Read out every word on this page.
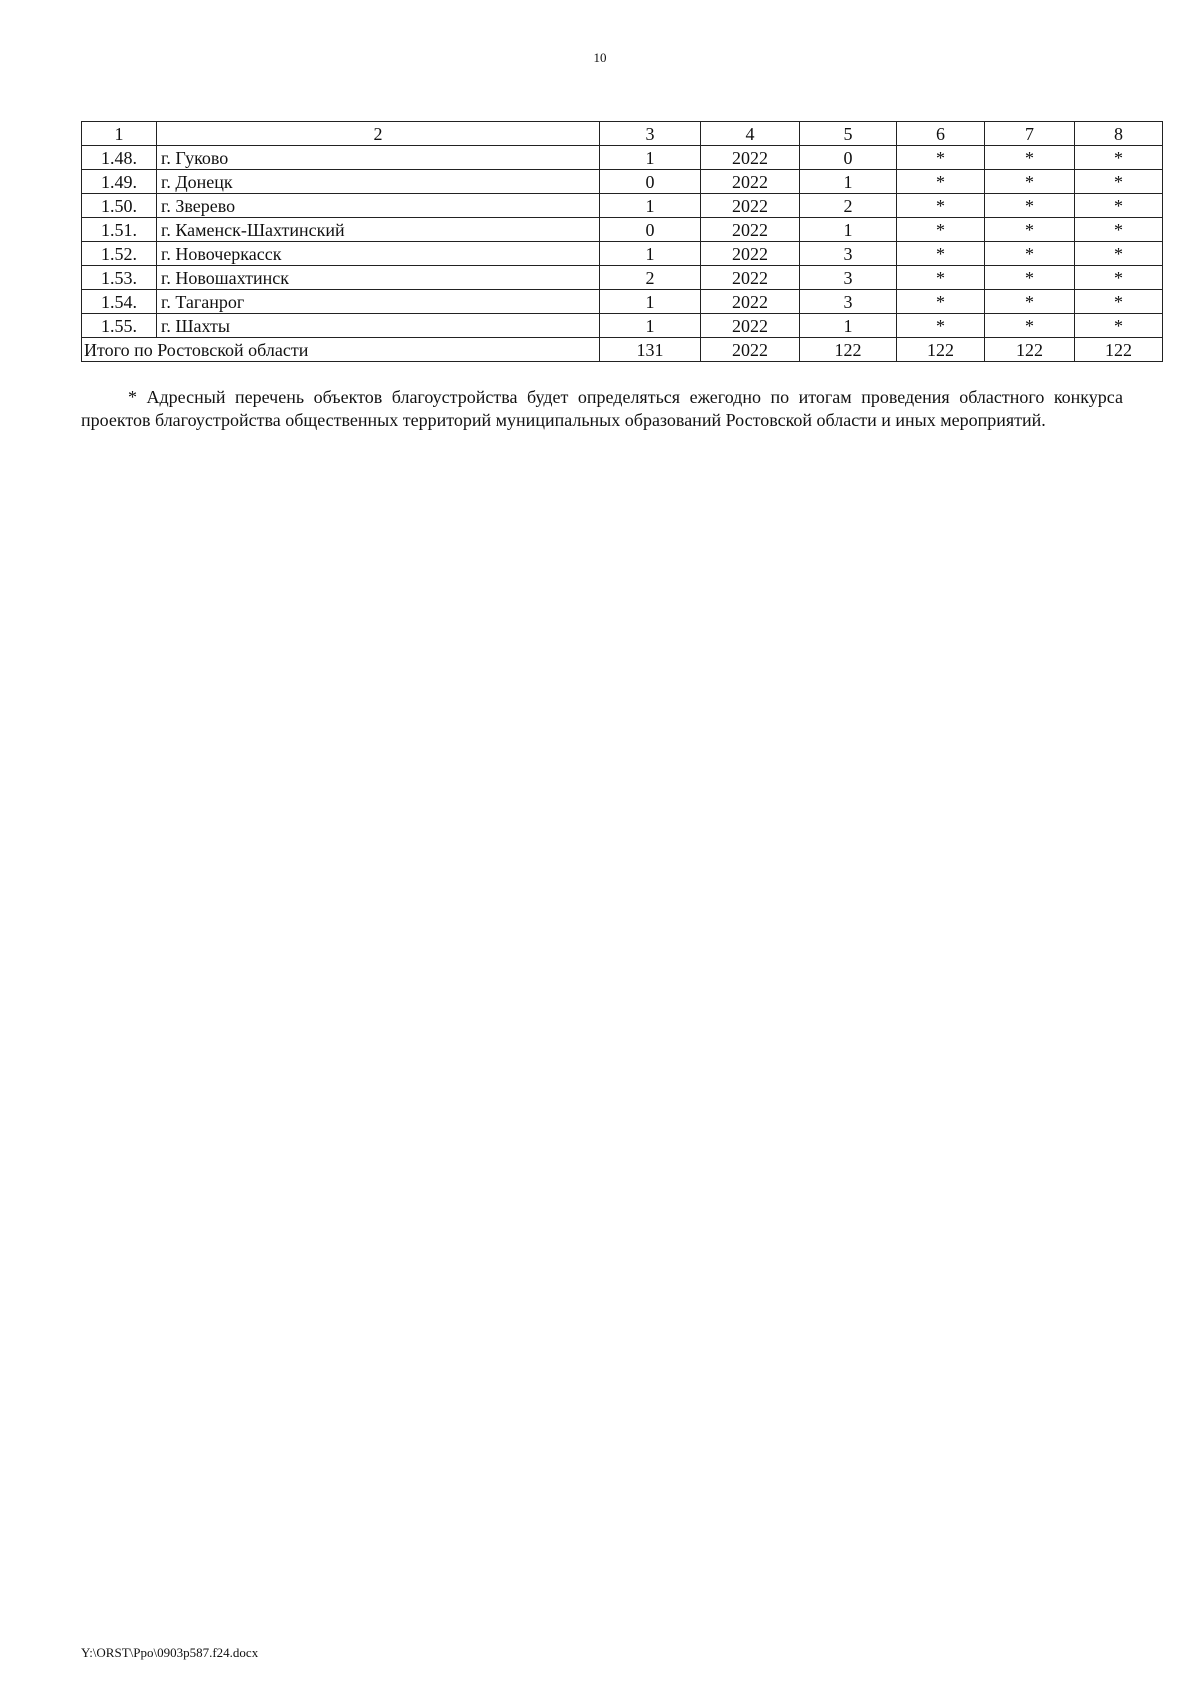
10
1	2	3	4	5	6	7	8
1.48.	г. Гуково	1	2022	0	*	*	*
1.49.	г. Донецк	0	2022	1	*	*	*
1.50.	г. Зверево	1	2022	2	*	*	*
1.51.	г. Каменск-Шахтинский	0	2022	1	*	*	*
1.52.	г. Новочеркасск	1	2022	3	*	*	*
1.53.	г. Новошахтинск	2	2022	3	*	*	*
1.54.	г. Таганрог	1	2022	3	*	*	*
1.55.	г. Шахты	1	2022	1	*	*	*
Итого по Ростовской области		131	2022	122	122	122	122

* Адресный перечень объектов благоустройства будет определяться ежегодно по итогам проведения областного конкурса проектов благоустройства общественных территорий муниципальных образований Ростовской области и иных мероприятий.

Y:\ORST\Ppo\0903p587.f24.docx
